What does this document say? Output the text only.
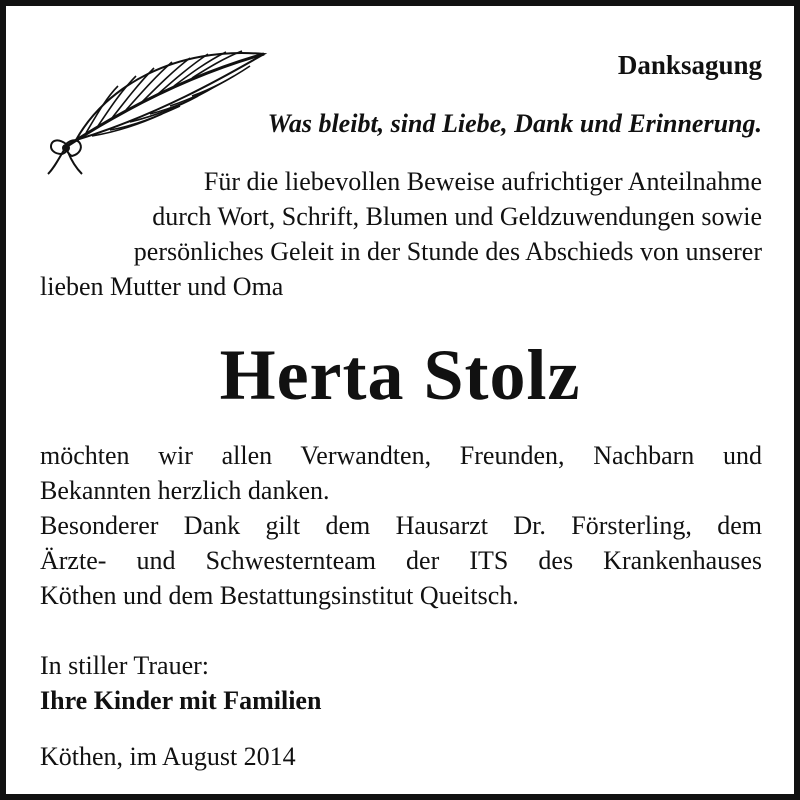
Danksagung

Was bleibt, sind Liebe, Dank und Erinnerung.

Für die liebevollen Beweise aufrichtiger Anteilnahme
durch Wort, Schrift, Blumen und Geldzuwendungen sowie
persönliches Geleit in der Stunde des Abschieds von unserer
lieben Mutter und Oma

Herta Stolz

möchten wir allen Verwandten, Freunden, Nachbarn und
Bekannten herzlich danken.
Besonderer Dank gilt dem Hausarzt Dr. Försterling, dem
Ärzte- und Schwesternteam der ITS des Krankenhauses
Köthen und dem Bestattungsinstitut Queitsch.

In stiller Trauer:
Ihre Kinder mit Familien

Köthen, im August 2014
